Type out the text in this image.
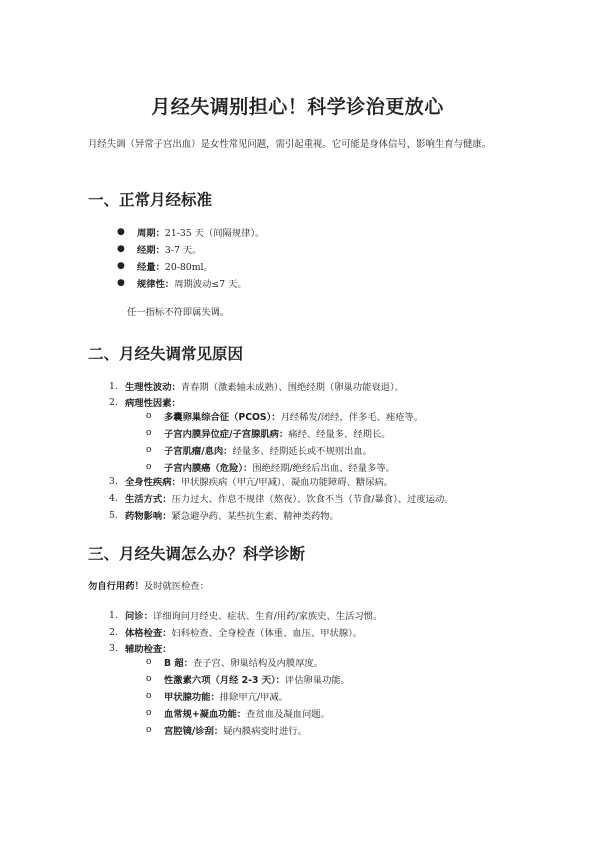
月经失调别担心！科学诊治更放心
月经失调（异常子宫出血）是女性常见问题，需引起重视。它可能是身体信号，影响生育与健康。
一、正常月经标准
● 周期：21-35 天（间隔规律）。
● 经期：3-7 天。
● 经量：20-80ml。
● 规律性：周期波动≤7 天。
任一指标不符即属失调。
二、月经失调常见原因
1. 生理性波动：青春期（激素轴未成熟）、围绝经期（卵巢功能衰退）。
2. 病理性因素：
o 多囊卵巢综合征（PCOS）：月经稀发/闭经，伴多毛、痤疮等。
o 子宫内膜异位症/子宫腺肌病：痛经、经量多、经期长。
o 子宫肌瘤/息肉：经量多、经期延长或不规则出血。
o 子宫内膜癌（危险）：围绝经期/绝经后出血、经量多等。
3. 全身性疾病：甲状腺疾病（甲亢/甲减）、凝血功能障碍、糖尿病。
4. 生活方式：压力过大、作息不规律（熬夜）、饮食不当（节食/暴食）、过度运动。
5. 药物影响：紧急避孕药、某些抗生素、精神类药物。
三、月经失调怎么办？科学诊断
勿自行用药！及时就医检查：
1. 问诊：详细询问月经史、症状、生育/用药/家族史、生活习惯。
2. 体格检查：妇科检查、全身检查（体重、血压、甲状腺）。
3. 辅助检查：
o B 超：查子宫、卵巢结构及内膜厚度。
o 性激素六项（月经 2-3 天）：评估卵巢功能。
o 甲状腺功能：排除甲亢/甲减。
o 血常规+凝血功能：查贫血及凝血问题。
o 宫腔镜/诊刮：疑内膜病变时进行。
